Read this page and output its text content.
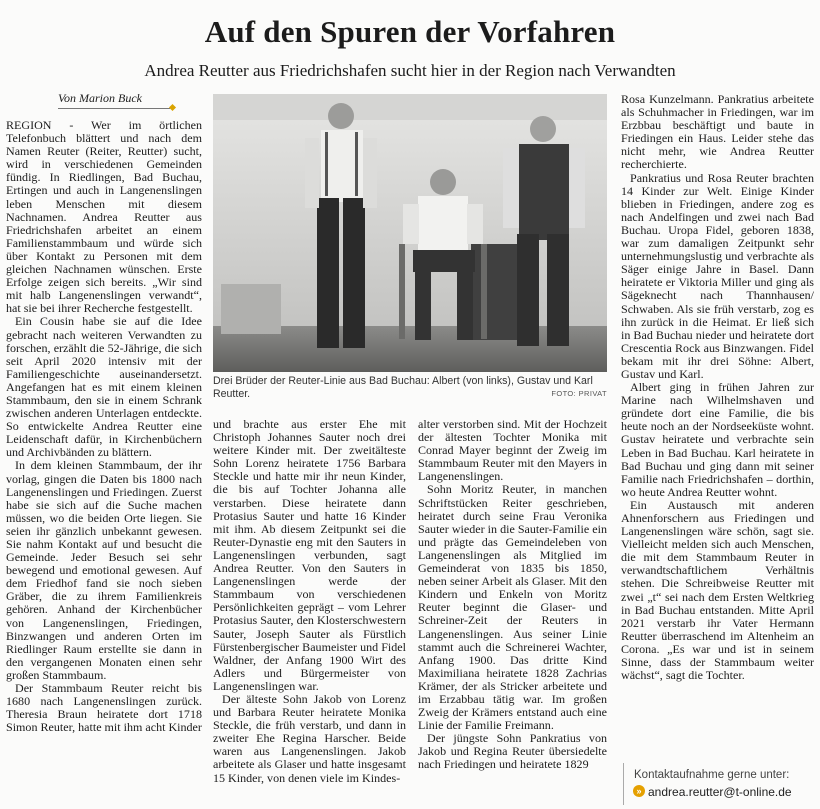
Auf den Spuren der Vorfahren
Andrea Reutter aus Friedrichshafen sucht hier in der Region nach Verwandten
Von Marion Buck

REGION - Wer im örtlichen Telefonbuch blättert und nach dem Namen Reuter (Reiter, Reutter) sucht, wird in verschiedenen Gemeinden fündig. In Riedlingen, Bad Buchau, Ertingen und auch in Langenenslingen leben Menschen mit diesem Nachnamen. Andrea Reutter aus Friedrichshafen arbeitet an einem Familienstammbaum und würde sich über Kontakt zu Personen mit dem gleichen Nachnamen wünschen. Erste Erfolge zeigen sich bereits. „Wir sind mit halb Langenenslingen verwandt“, hat sie bei ihrer Recherche festgestellt.

Ein Cousin habe sie auf die Idee gebracht nach weiteren Verwandten zu forschen, erzählt die 52-Jährige, die sich seit April 2020 intensiv mit der Familiengeschichte auseinandersetzt. Angefangen hat es mit einem kleinen Stammbaum, den sie in einem Schrank zwischen anderen Unterlagen entdeckte. So entwickelte Andrea Reutter eine Leidenschaft dafür, in Kirchenbüchern und Archivbänden zu blättern.

In dem kleinen Stammbaum, der ihr vorlag, gingen die Daten bis 1800 nach Langenenslingen und Friedingen. Zuerst habe sie sich auf die Suche machen müssen, wo die beiden Orte liegen. Sie seien ihr gänzlich unbekannt gewesen. Sie nahm Kontakt auf und besucht die Gemeinde. Jeder Besuch sei sehr bewegend und emotional gewesen. Auf dem Friedhof fand sie noch sieben Gräber, die zu ihrem Familienkreis gehören. Anhand der Kirchenbücher von Langenenslingen, Friedingen, Binzwangen und anderen Orten im Riedlinger Raum erstellte sie dann in den vergangenen Monaten einen sehr großen Stammbaum.

Der Stammbaum Reuter reicht bis 1680 nach Langenenslingen zurück. Theresia Braun heiratete dort 1718 Simon Reuter, hatte mit ihm acht Kinder

Drei Brüder der Reuter-Linie aus Bad Buchau: Albert (von links), Gustav und Karl Reutter.	FOTO: PRIVAT

und brachte aus erster Ehe mit Christoph Johannes Sauter noch drei weitere Kinder mit. Der zweitälteste Sohn Lorenz heiratete 1756 Barbara Steckle und hatte mir ihr neun Kinder, die bis auf Tochter Johanna alle verstarben. Diese heiratete dann Protasius Sauter und hatte 16 Kinder mit ihm. Ab diesem Zeitpunkt sei die Reuter-Dynastie eng mit den Sauters in Langenenslingen verbunden, sagt Andrea Reutter. Von den Sauters in Langenenslingen werde der Stammbaum von verschiedenen Persönlichkeiten geprägt – vom Lehrer Protasius Sauter, den Klosterschwestern Sauter, Joseph Sauter als Fürstlich Fürstenbergischer Baumeister und Fidel Waldner, der Anfang 1900 Wirt des Adlers und Bürgermeister von Langenenslingen war.

Der älteste Sohn Jakob von Lorenz und Barbara Reuter heiratete Monika Steckle, die früh verstarb, und dann in zweiter Ehe Regina Harscher. Beide waren aus Langenenslingen. Jakob arbeitete als Glaser und hatte insgesamt 15 Kinder, von denen viele im Kindes-

alter verstorben sind. Mit der Hochzeit der ältesten Tochter Monika mit Conrad Mayer beginnt der Zweig im Stammbaum Reuter mit den Mayers in Langenenslingen.

Sohn Moritz Reuter, in manchen Schriftstücken Reiter geschrieben, heiratet durch seine Frau Veronika Sauter wieder in die Sauter-Familie ein und prägte das Gemeindeleben von Langenenslingen als Mitglied im Gemeinderat von 1835 bis 1850, neben seiner Arbeit als Glaser. Mit den Kindern und Enkeln von Moritz Reuter beginnt die Glaser- und Schreiner-Zeit der Reuters in Langenenslingen. Aus seiner Linie stammt auch die Schreinerei Wachter, Anfang 1900. Das dritte Kind Maximiliana heiratete 1828 Zachrias Krämer, der als Stricker arbeitete und im Erzabbau tätig war. Im großen Zweig der Krämers entstand auch eine Linie der Familie Freimann.

Der jüngste Sohn Pankratius von Jakob und Regina Reuter übersiedelte nach Friedingen und heiratete 1829

Rosa Kunzelmann. Pankratius arbeitete als Schuhmacher in Friedingen, war im Erzbbau beschäftigt und baute in Friedingen ein Haus. Leider stehe das nicht mehr, wie Andrea Reutter recherchierte.

Pankratius und Rosa Reuter brachten 14 Kinder zur Welt. Einige Kinder blieben in Friedingen, andere zog es nach Andelfingen und zwei nach Bad Buchau. Uropa Fidel, geboren 1838, war zum damaligen Zeitpunkt sehr unternehmungslustig und verbrachte als Säger einige Jahre in Basel. Dann heiratete er Viktoria Miller und ging als Sägeknecht nach Thannhausen/ Schwaben. Als sie früh verstarb, zog es ihn zurück in die Heimat. Er ließ sich in Bad Buchau nieder und heiratete dort Crescentia Rock aus Binzwangen. Fidel bekam mit ihr drei Söhne: Albert, Gustav und Karl.

Albert ging in frühen Jahren zur Marine nach Wilhelmshaven und gründete dort eine Familie, die bis heute noch an der Nordseeküste wohnt. Gustav heiratete und verbrachte sein Leben in Bad Buchau. Karl heiratete in Bad Buchau und ging dann mit seiner Familie nach Friedrichshafen – dorthin, wo heute Andrea Reutter wohnt.

Ein Austausch mit anderen Ahnenforschern aus Friedingen und Langenenslingen wäre schön, sagt sie. Vielleicht melden sich auch Menschen, die mit dem Stammbaum Reuter in verwandtschaftlichem Verhältnis stehen. Die Schreibweise Reutter mit zwei „t“ sei nach dem Ersten Weltkrieg in Bad Buchau entstanden. Mitte April 2021 verstarb ihr Vater Hermann Reutter überraschend im Altenheim an Corona. „Es war und ist in seinem Sinne, dass der Stammbaum weiter wächst“, sagt die Tochter.

Kontaktaufnahme gerne unter:
» andrea.reutter@t-online.de
